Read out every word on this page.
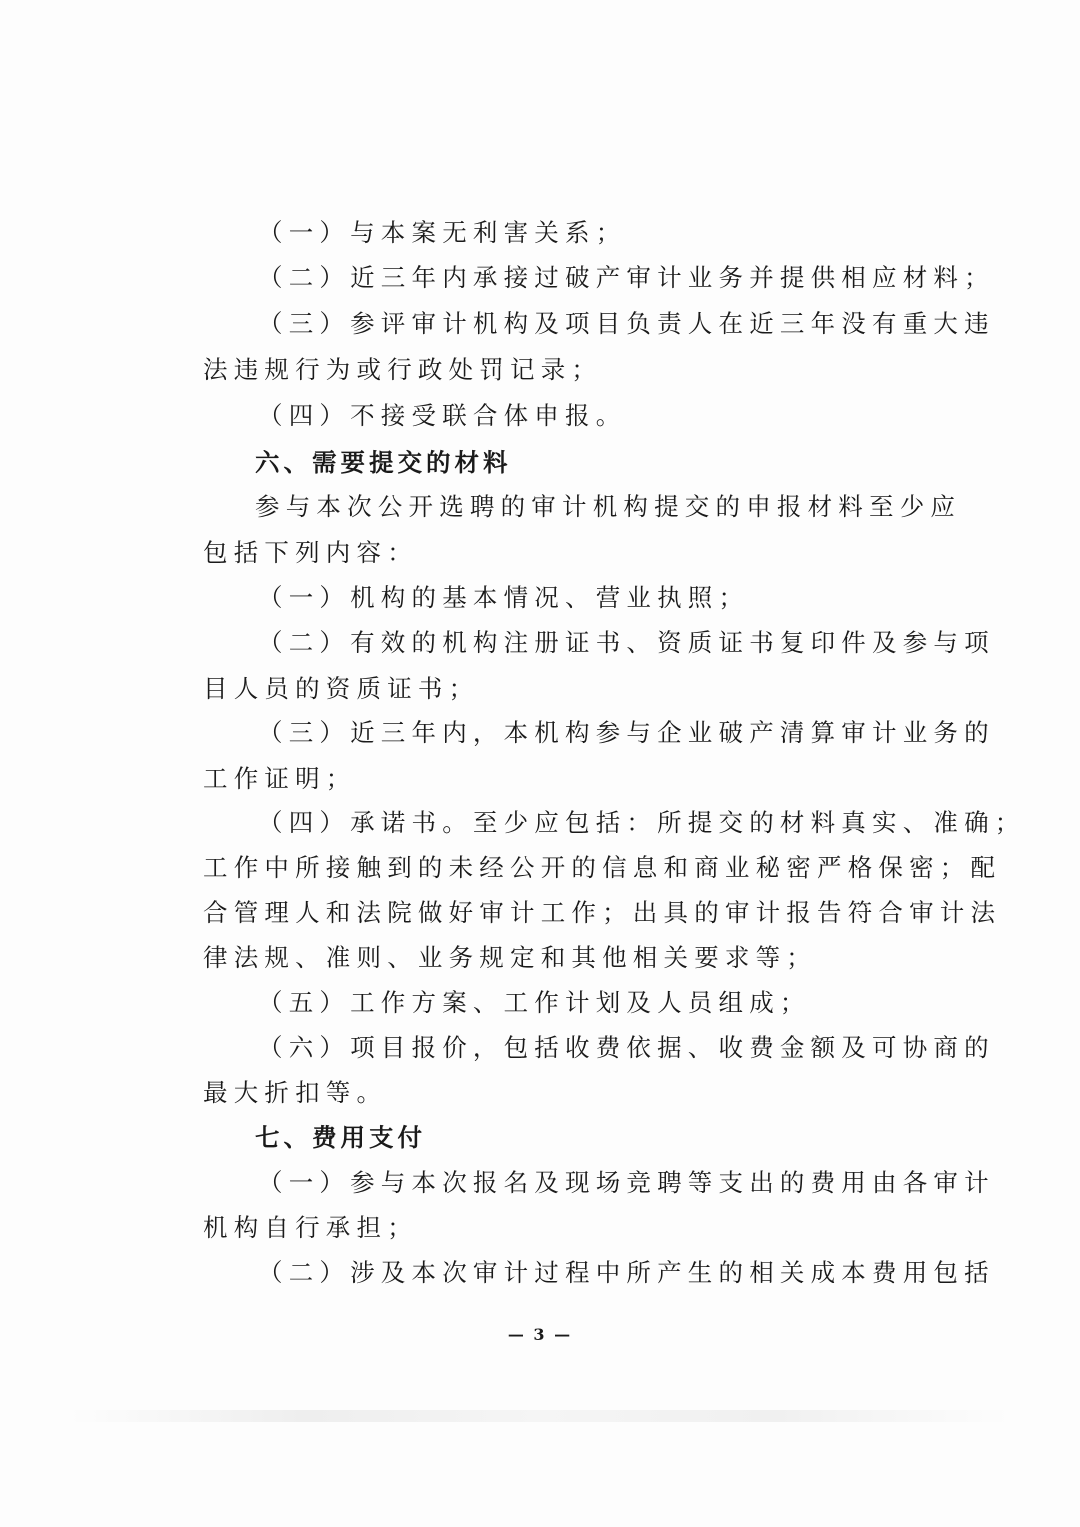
（一）与本案无利害关系；
（二）近三年内承接过破产审计业务并提供相应材料；
（三）参评审计机构及项目负责人在近三年没有重大违
法违规行为或行政处罚记录；
（四）不接受联合体申报。
六、需要提交的材料
参与本次公开选聘的审计机构提交的申报材料至少应
包括下列内容：
（一）机构的基本情况、营业执照；
（二）有效的机构注册证书、资质证书复印件及参与项
目人员的资质证书；
（三）近三年内，本机构参与企业破产清算审计业务的
工作证明；
（四）承诺书。至少应包括：所提交的材料真实、准确；
工作中所接触到的未经公开的信息和商业秘密严格保密；配
合管理人和法院做好审计工作；出具的审计报告符合审计法
律法规、准则、业务规定和其他相关要求等；
（五）工作方案、工作计划及人员组成；
（六）项目报价，包括收费依据、收费金额及可协商的
最大折扣等。
七、费用支付
（一）参与本次报名及现场竞聘等支出的费用由各审计
机构自行承担；
（二）涉及本次审计过程中所产生的相关成本费用包括
— 3 —
